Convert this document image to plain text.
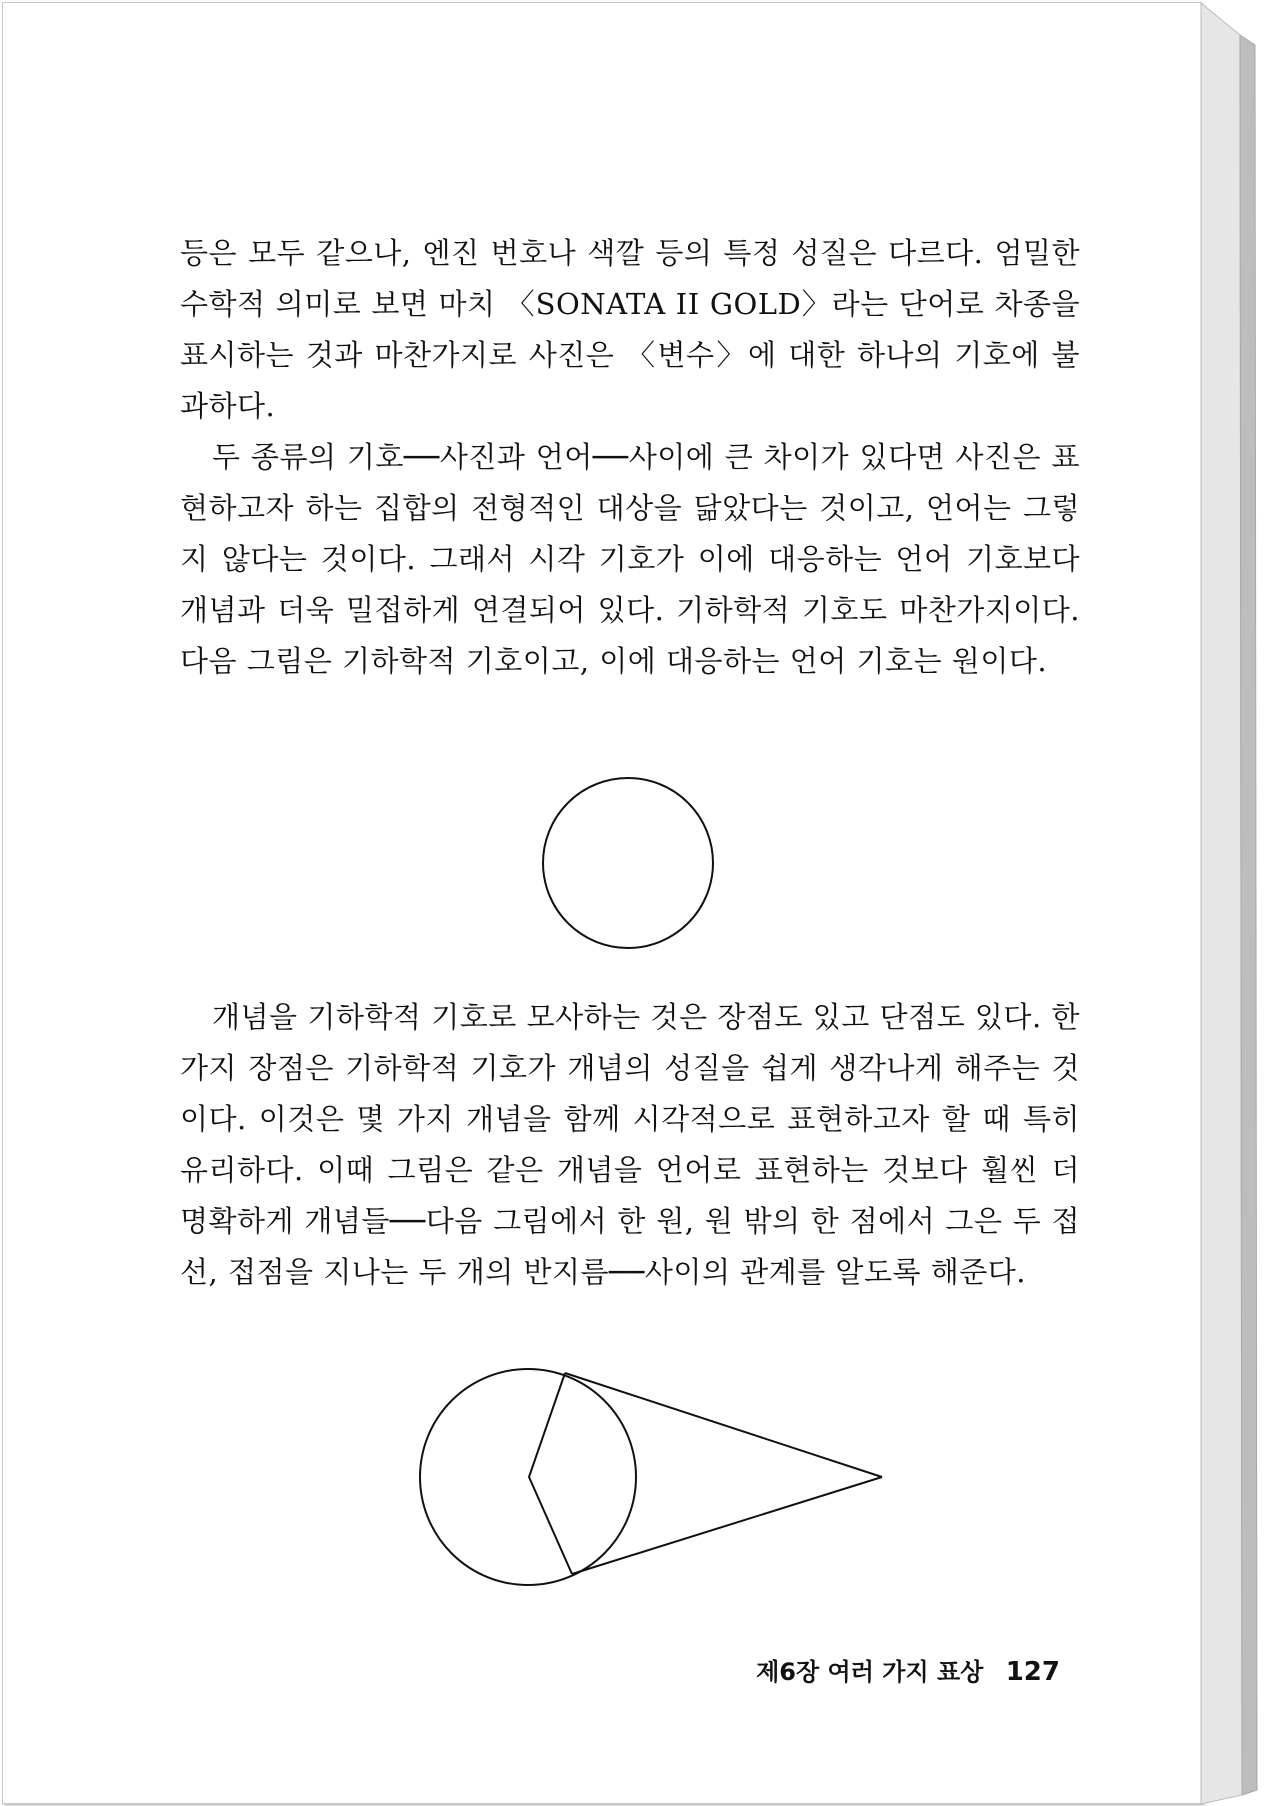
등은 모두 같으나, 엔진 번호나 색깔 등의 특정 성질은 다르다. 엄밀한 수학적 의미로 보면 마치 〈SONATA II GOLD〉라는 단어로 차종을 표시하는 것과 마찬가지로 사진은 〈변수〉에 대한 하나의 기호에 불과하다.

두 종류의 기호──사진과 언어──사이에 큰 차이가 있다면 사진은 표현하고자 하는 집합의 전형적인 대상을 닮았다는 것이고, 언어는 그렇지 않다는 것이다. 그래서 시각 기호가 이에 대응하는 언어 기호보다 개념과 더욱 밀접하게 연결되어 있다. 기하학적 기호도 마찬가지이다. 다음 그림은 기하학적 기호이고, 이에 대응하는 언어 기호는 원이다.

개념을 기하학적 기호로 모사하는 것은 장점도 있고 단점도 있다. 한 가지 장점은 기하학적 기호가 개념의 성질을 쉽게 생각나게 해주는 것이다. 이것은 몇 가지 개념을 함께 시각적으로 표현하고자 할 때 특히 유리하다. 이때 그림은 같은 개념을 언어로 표현하는 것보다 훨씬 더 명확하게 개념들──다음 그림에서 한 원, 원 밖의 한 점에서 그은 두 접선, 접점을 지나는 두 개의 반지름──사이의 관계를 알도록 해준다.

제6장 여러 가지 표상 127
